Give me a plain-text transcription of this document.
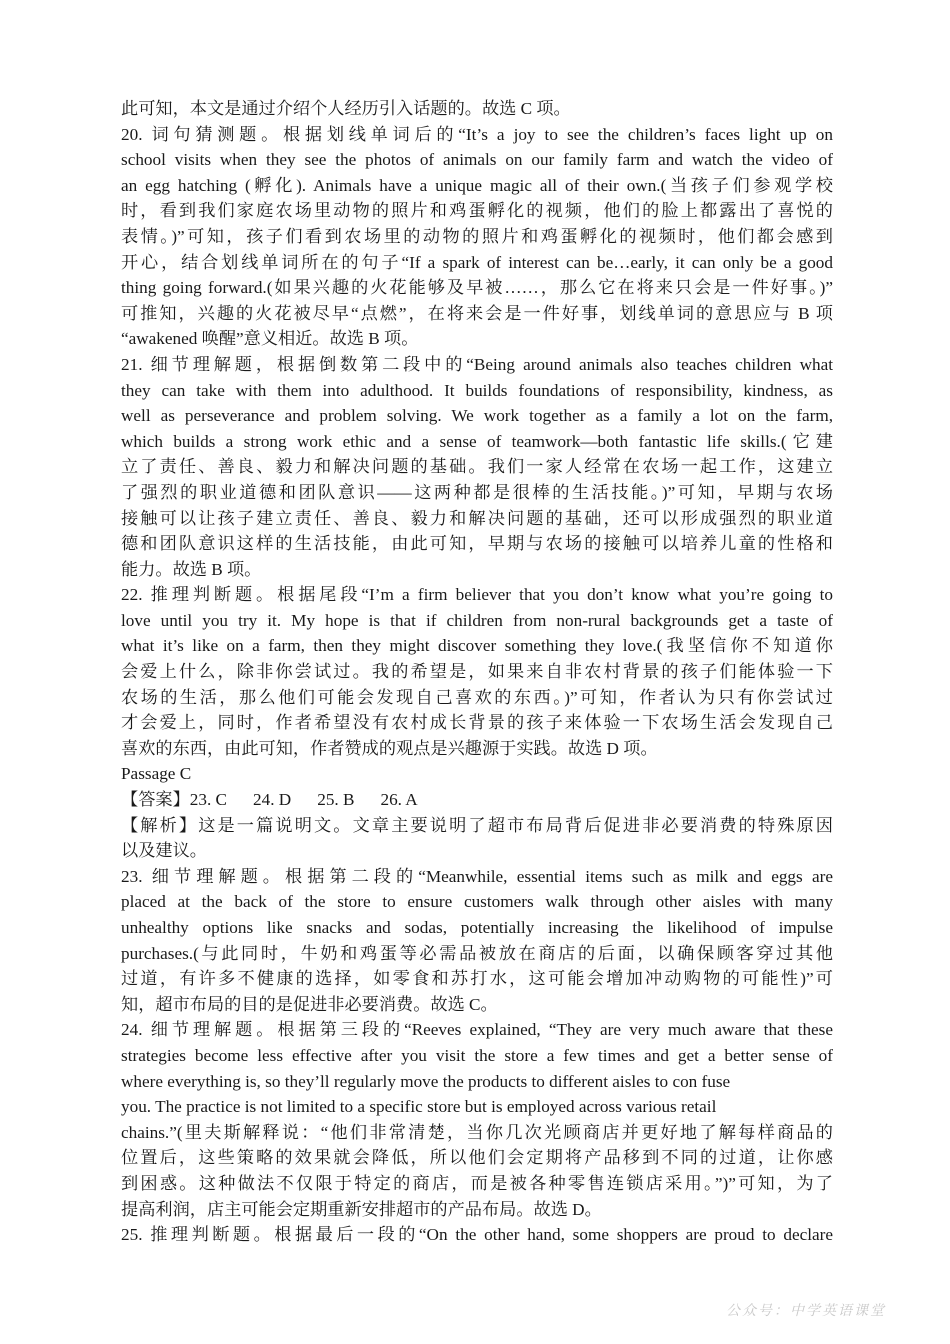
此可知，本文是通过介绍个人经历引入话题的。故选 C 项。
20. 词句猜测题。根据划线单词后的“It’s a joy to see the children’s faces light up on
school visits when they see the photos of animals on our family farm and watch the video of
an egg hatching (孵化). Animals have a unique magic all of their own.(当孩子们参观学校
时，看到我们家庭农场里动物的照片和鸡蛋孵化的视频，他们的脸上都露出了喜悦的
表情。)”可知，孩子们看到农场里的动物的照片和鸡蛋孵化的视频时，他们都会感到
开心，结合划线单词所在的句子“If a spark of interest can be…early, it can only be a good
thing going forward.(如果兴趣的火花能够及早被……，那么它在将来只会是一件好事。)”
可推知，兴趣的火花被尽早“点燃”，在将来会是一件好事，划线单词的意思应与 B 项
“awakened 唤醒”意义相近。故选 B 项。
21. 细节理解题，根据倒数第二段中的“Being around animals also teaches children what
they can take with them into adulthood. It builds foundations of responsibility, kindness, as
well as perseverance and problem solving. We work together as a family a lot on the farm,
which builds a strong work ethic and a sense of teamwork—both fantastic life skills.(它建
立了责任、善良、毅力和解决问题的基础。我们一家人经常在农场一起工作，这建立
了强烈的职业道德和团队意识——这两种都是很棒的生活技能。)”可知，早期与农场
接触可以让孩子建立责任、善良、毅力和解决问题的基础，还可以形成强烈的职业道
德和团队意识这样的生活技能，由此可知，早期与农场的接触可以培养儿童的性格和
能力。故选 B 项。
22. 推理判断题。根据尾段“I’m a firm believer that you don’t know what you’re going to
love until you try it. My hope is that if children from non-rural backgrounds get a taste of
what it’s like on a farm, then they might discover something they love.(我坚信你不知道你
会爱上什么，除非你尝试过。我的希望是，如果来自非农村背景的孩子们能体验一下
农场的生活，那么他们可能会发现自己喜欢的东西。)”可知，作者认为只有你尝试过
才会爱上，同时，作者希望没有农村成长背景的孩子来体验一下农场生活会发现自己
喜欢的东西，由此可知，作者赞成的观点是兴趣源于实践。故选 D 项。
Passage C
【答案】23. C 24. D 25. B 26. A
【解析】这是一篇说明文。文章主要说明了超市布局背后促进非必要消费的特殊原因
以及建议。
23. 细节理解题。根据第二段的“Meanwhile, essential items such as milk and eggs are
placed at the back of the store to ensure customers walk through other aisles with many
unhealthy options like snacks and sodas, potentially increasing the likelihood of impulse
purchases.(与此同时，牛奶和鸡蛋等必需品被放在商店的后面，以确保顾客穿过其他
过道，有许多不健康的选择，如零食和苏打水，这可能会增加冲动购物的可能性)”可
知，超市布局的目的是促进非必要消费。故选 C。
24. 细节理解题。根据第三段的“Reeves explained, “They are very much aware that these
strategies become less effective after you visit the store a few times and get a better sense of
where everything is, so they’ll regularly move the products to different aisles to con fuse
you. The practice is not limited to a specific store but is employed across various retail
chains.”(里夫斯解释说：“他们非常清楚，当你几次光顾商店并更好地了解每样商品的
位置后，这些策略的效果就会降低，所以他们会定期将产品移到不同的过道，让你感
到困惑。这种做法不仅限于特定的商店，而是被各种零售连锁店采用。”)”可知，为了
提高利润，店主可能会定期重新安排超市的产品布局。故选 D。
25. 推理判断题。根据最后一段的“On the other hand, some shoppers are proud to declare
公众号：中学英语课堂
